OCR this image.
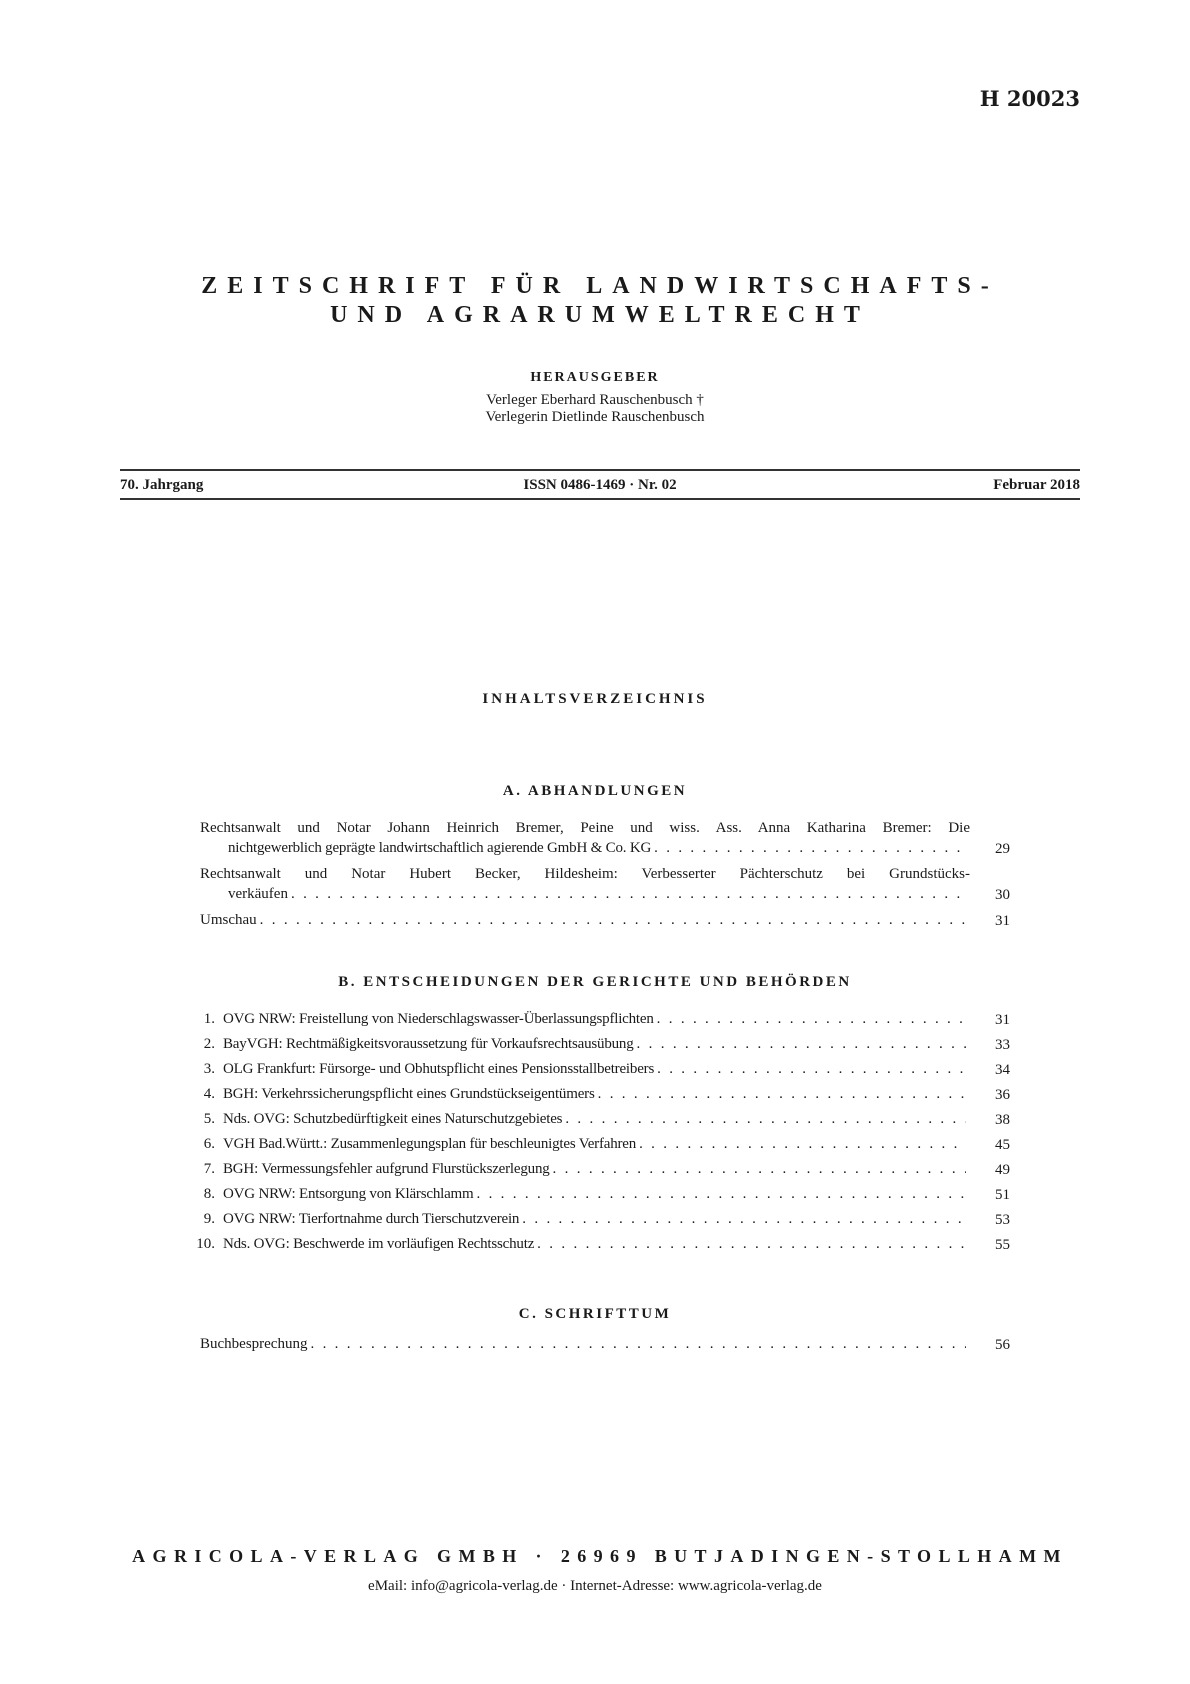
H 20023
ZEITSCHRIFT FÜR LANDWIRTSCHAFTS-
UND AGRARUMWELTRECHT
HERAUSGEBER
Verleger Eberhard Rauschenbusch †
Verlegerin Dietlinde Rauschenbusch
70. Jahrgang	ISSN 0486-1469 · Nr. 02	Februar 2018
INHALTSVERZEICHNIS
A. ABHANDLUNGEN
Rechtsanwalt und Notar Johann Heinrich Bremer, Peine und wiss. Ass. Anna Katharina Bremer: Die
nichtgewerblich geprägte landwirtschaftlich agierende GmbH & Co. KG . . .	29
Rechtsanwalt und Notar Hubert Becker, Hildesheim: Verbesserter Pächterschutz bei Grundstücks-
verkäufen . . .	30
Umschau . . .	31
B. ENTSCHEIDUNGEN DER GERICHTE UND BEHÖRDEN
1. OVG NRW: Freistellung von Niederschlagswasser-Überlassungspflichten . . .	31
2. BayVGH: Rechtmäßigkeitsvoraussetzung für Vorkaufsrechtsausübung . . .	33
3. OLG Frankfurt: Fürsorge- und Obhutspflicht eines Pensionsstallbetreibers . . .	34
4. BGH: Verkehrssicherungspflicht eines Grundstückseigentümers . . .	36
5. Nds. OVG: Schutzbedürftigkeit eines Naturschutzgebietes . . .	38
6. VGH Bad.Württ.: Zusammenlegungsplan für beschleunigtes Verfahren . . .	45
7. BGH: Vermessungsfehler aufgrund Flurstückszerlegung . . .	49
8. OVG NRW: Entsorgung von Klärschlamm . . .	51
9. OVG NRW: Tierfortnahme durch Tierschutzverein . . .	53
10. Nds. OVG: Beschwerde im vorläufigen Rechtsschutz . . .	55
C. SCHRIFTTUM
Buchbesprechung . . .	56
AGRICOLA-VERLAG GMBH · 26969 BUTJADINGEN-STOLLHAMM
eMail: info@agricola-verlag.de · Internet-Adresse: www.agricola-verlag.de
